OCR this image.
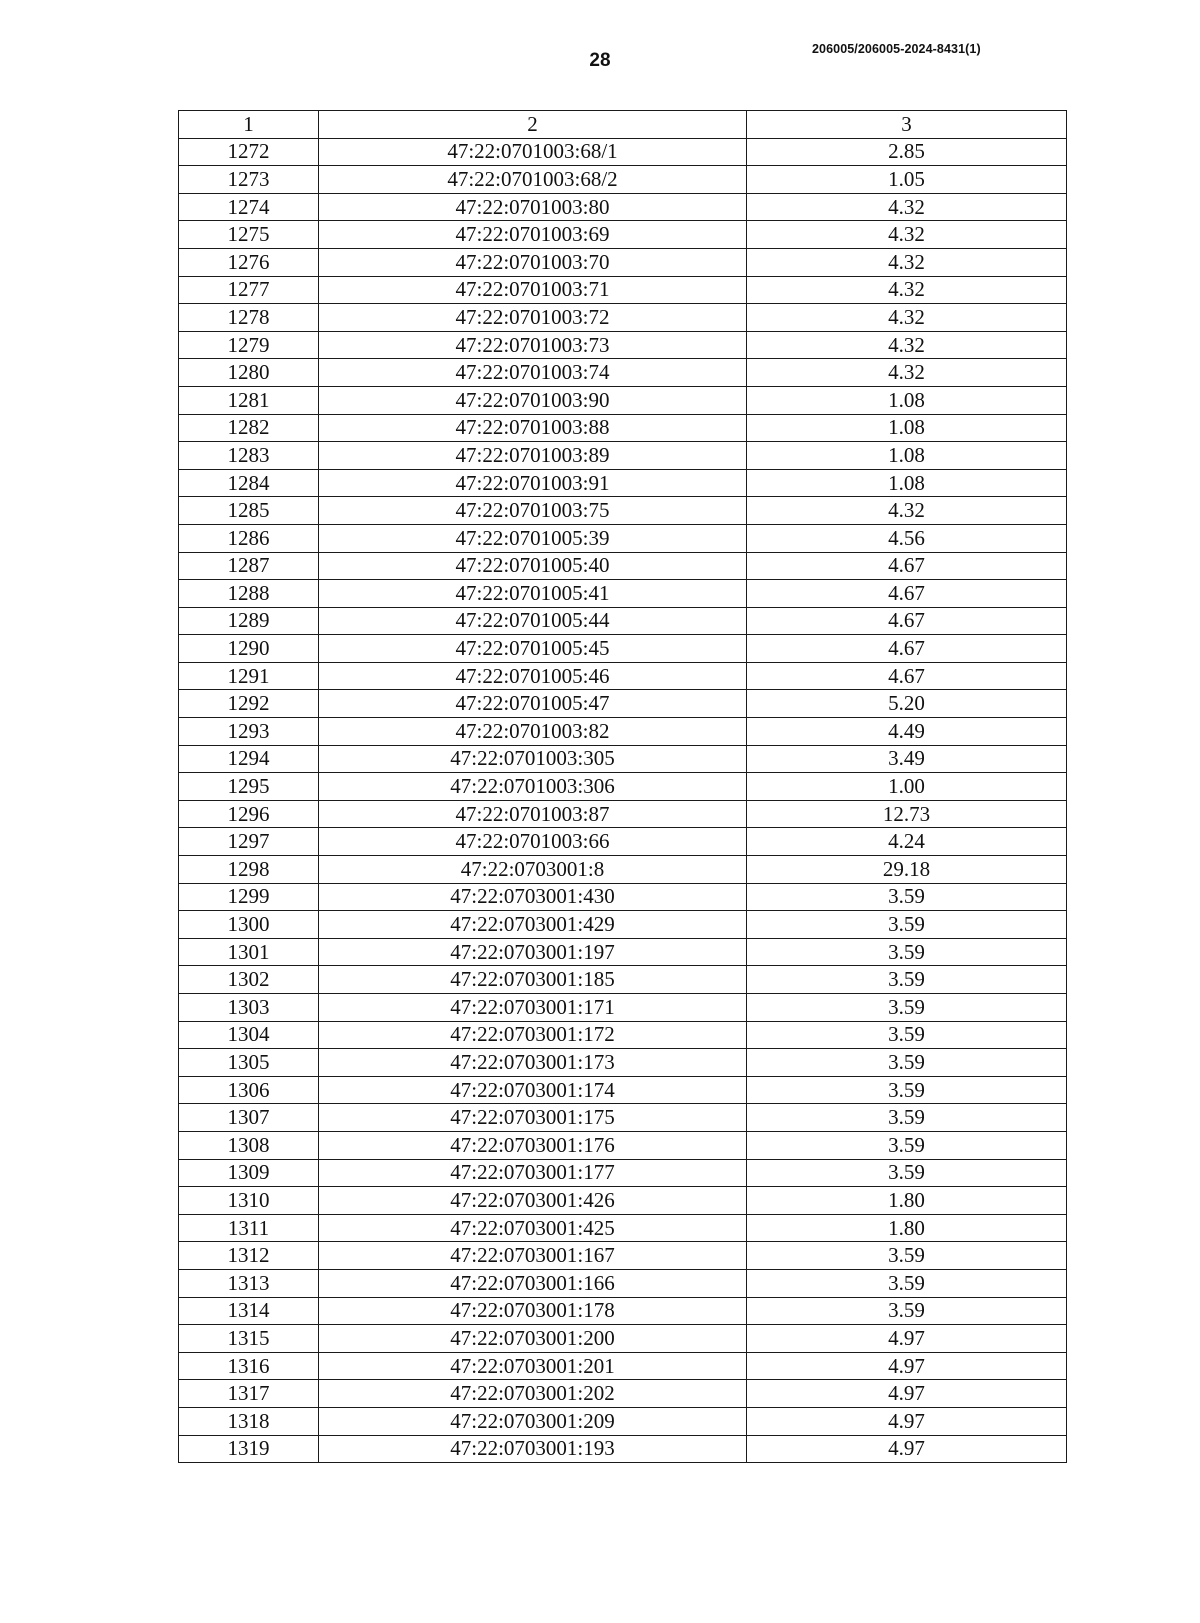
28
206005/206005-2024-8431(1)
1	2	3
1272	47:22:0701003:68/1	2.85
1273	47:22:0701003:68/2	1.05
1274	47:22:0701003:80	4.32
1275	47:22:0701003:69	4.32
1276	47:22:0701003:70	4.32
1277	47:22:0701003:71	4.32
1278	47:22:0701003:72	4.32
1279	47:22:0701003:73	4.32
1280	47:22:0701003:74	4.32
1281	47:22:0701003:90	1.08
1282	47:22:0701003:88	1.08
1283	47:22:0701003:89	1.08
1284	47:22:0701003:91	1.08
1285	47:22:0701003:75	4.32
1286	47:22:0701005:39	4.56
1287	47:22:0701005:40	4.67
1288	47:22:0701005:41	4.67
1289	47:22:0701005:44	4.67
1290	47:22:0701005:45	4.67
1291	47:22:0701005:46	4.67
1292	47:22:0701005:47	5.20
1293	47:22:0701003:82	4.49
1294	47:22:0701003:305	3.49
1295	47:22:0701003:306	1.00
1296	47:22:0701003:87	12.73
1297	47:22:0701003:66	4.24
1298	47:22:0703001:8	29.18
1299	47:22:0703001:430	3.59
1300	47:22:0703001:429	3.59
1301	47:22:0703001:197	3.59
1302	47:22:0703001:185	3.59
1303	47:22:0703001:171	3.59
1304	47:22:0703001:172	3.59
1305	47:22:0703001:173	3.59
1306	47:22:0703001:174	3.59
1307	47:22:0703001:175	3.59
1308	47:22:0703001:176	3.59
1309	47:22:0703001:177	3.59
1310	47:22:0703001:426	1.80
1311	47:22:0703001:425	1.80
1312	47:22:0703001:167	3.59
1313	47:22:0703001:166	3.59
1314	47:22:0703001:178	3.59
1315	47:22:0703001:200	4.97
1316	47:22:0703001:201	4.97
1317	47:22:0703001:202	4.97
1318	47:22:0703001:209	4.97
1319	47:22:0703001:193	4.97
